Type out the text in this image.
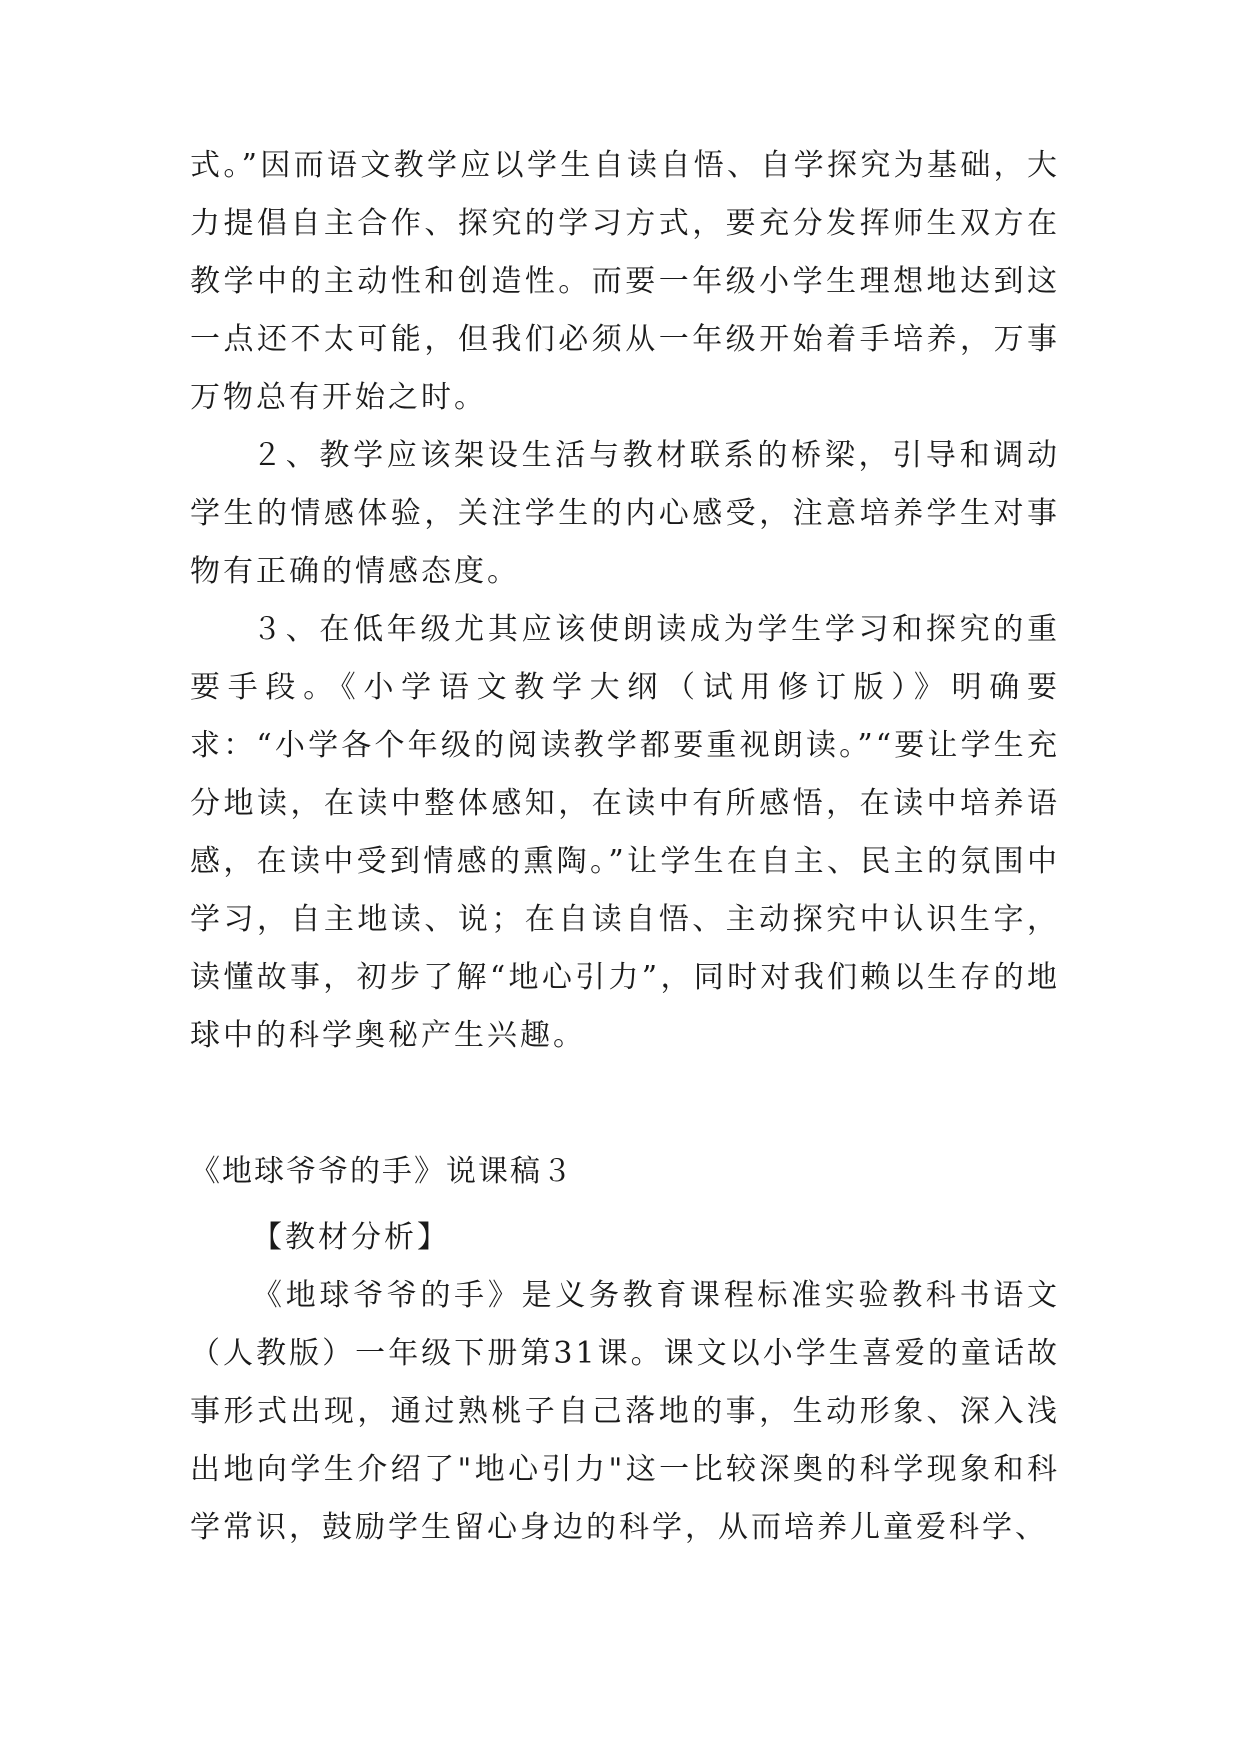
式。”因而语文教学应以学生自读自悟、自学探究为基础，大力提倡自主合作、探究的学习方式，要充分发挥师生双方在教学中的主动性和创造性。而要一年级小学生理想地达到这一点还不太可能，但我们必须从一年级开始着手培养，万事万物总有开始之时。

２、教学应该架设生活与教材联系的桥梁，引导和调动学生的情感体验，关注学生的内心感受，注意培养学生对事物有正确的情感态度。

３、在低年级尤其应该使朗读成为学生学习和探究的重要手段。《小学语文教学大纲（试用修订版）》明确要求：“小学各个年级的阅读教学都要重视朗读。”“要让学生充分地读，在读中整体感知，在读中有所感悟，在读中培养语感，在读中受到情感的熏陶。”让学生在自主、民主的氛围中学习，自主地读、说；在自读自悟、主动探究中认识生字，读懂故事，初步了解“地心引力”，同时对我们赖以生存的地球中的科学奥秘产生兴趣。

《地球爷爷的手》说课稿３

【教材分析】

《地球爷爷的手》是义务教育课程标准实验教科书语文（人教版）一年级下册第31课。课文以小学生喜爱的童话故事形式出现，通过熟桃子自己落地的事，生动形象、深入浅出地向学生介绍了"地心引力"这一比较深奥的科学现象和科学常识，鼓励学生留心身边的科学，从而培养儿童爱科学、
